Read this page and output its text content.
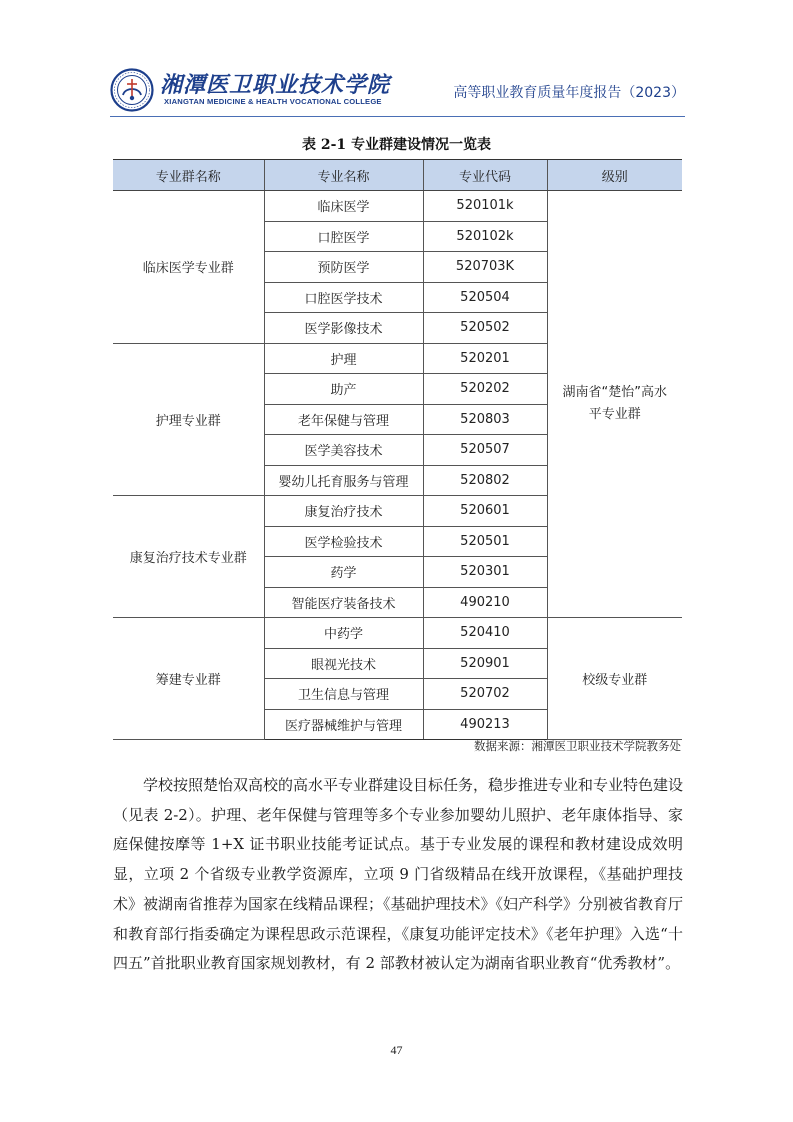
湘潭医卫职业技术学院
XIANGTAN MEDICINE & HEALTH VOCATIONAL COLLEGE
高等职业教育质量年度报告（2023）
表 2-1 专业群建设情况一览表
专业群名称	专业名称	专业代码	级别
临床医学专业群	临床医学	520101k	湖南省“楚怡”高水
平专业群
	口腔医学	520102k	
	预防医学	520703K	
	口腔医学技术	520504	
	医学影像技术	520502	
护理专业群	护理	520201	
	助产	520202	
	老年保健与管理	520803	
	医学美容技术	520507	
	婴幼儿托育服务与管理	520802	
康复治疗技术专业群	康复治疗技术	520601	
	医学检验技术	520501	
	药学	520301	
	智能医疗装备技术	490210	
筹建专业群	中药学	520410	校级专业群
	眼视光技术	520901	
	卫生信息与管理	520702	
	医疗器械维护与管理	490213	
数据来源：湘潭医卫职业技术学院教务处

学校按照楚怡双高校的高水平专业群建设目标任务，稳步推进专业和专业特色建设（见表 2-2）。护理、老年保健与管理等多个专业参加婴幼儿照护、老年康体指导、家庭保健按摩等 1+X 证书职业技能考证试点。基于专业发展的课程和教材建设成效明显，立项 2 个省级专业教学资源库，立项 9 门省级精品在线开放课程，《基础护理技术》被湖南省推荐为国家在线精品课程；《基础护理技术》《妇产科学》分别被省教育厅和教育部行指委确定为课程思政示范课程，《康复功能评定技术》《老年护理》入选“十四五”首批职业教育国家规划教材，有 2 部教材被认定为湖南省职业教育“优秀教材”。

47
